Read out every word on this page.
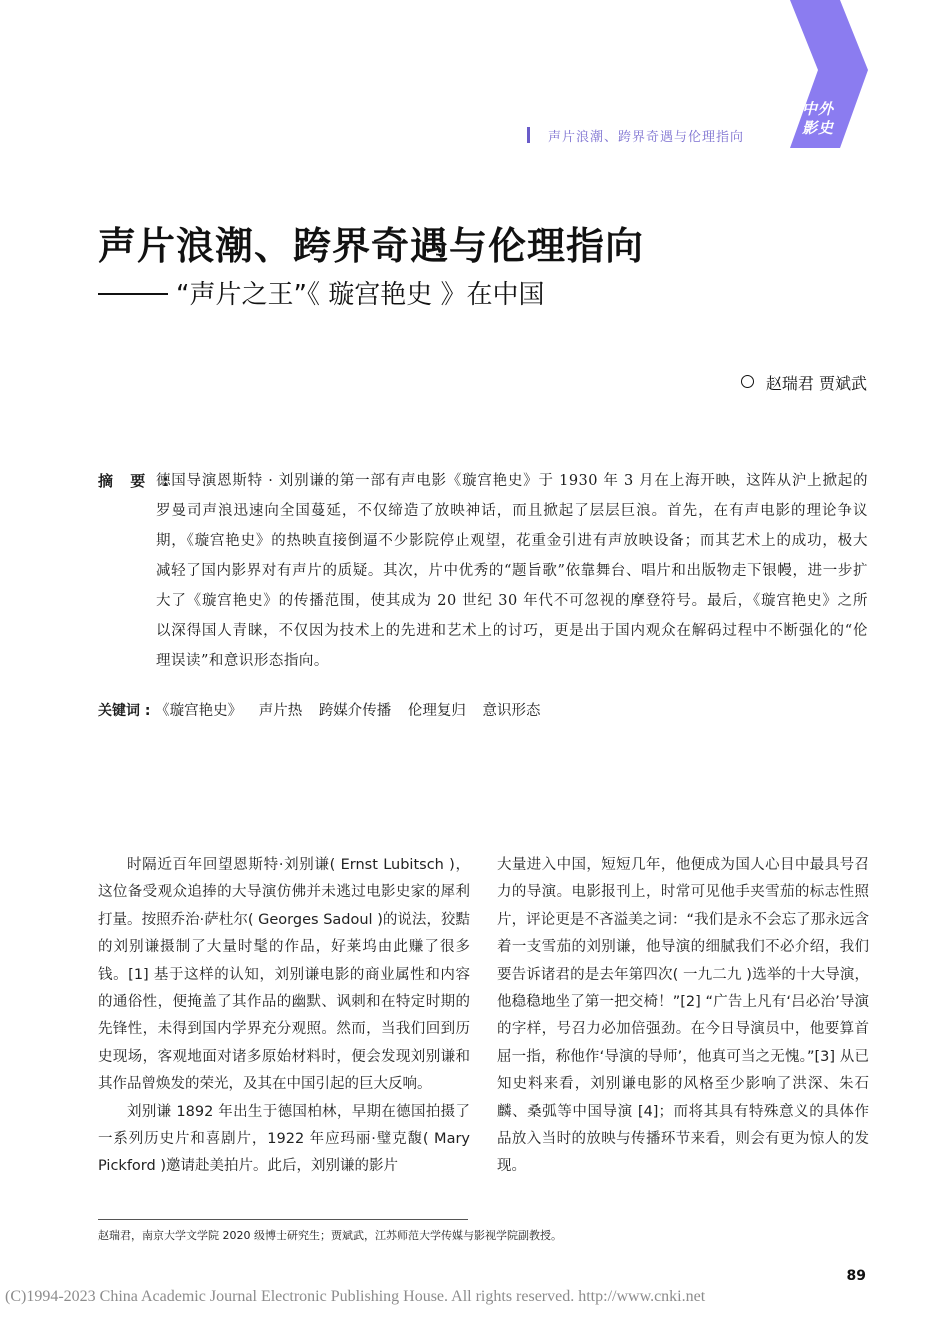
中外
影史
声片浪潮、跨界奇遇与伦理指向
声片浪潮、跨界奇遇与伦理指向
“声片之王”《 璇宫艳史 》在中国
赵瑞君 贾斌武
摘 要 :
德国导演恩斯特 · 刘别谦的第一部有声电影《璇宫艳史》于 1930 年 3 月在上海开映，这阵从沪上掀起的罗曼司声浪迅速向全国蔓延，不仅缔造了放映神话，而且掀起了层层巨浪。首先，在有声电影的理论争议期，《璇宫艳史》的热映直接倒逼不少影院停止观望，花重金引进有声放映设备；而其艺术上的成功，极大减轻了国内影界对有声片的质疑。其次，片中优秀的“题旨歌”依靠舞台、唱片和出版物走下银幔，进一步扩大了《璇宫艳史》的传播范围，使其成为 20 世纪 30 年代不可忽视的摩登符号。最后，《璇宫艳史》之所以深得国人青睐，不仅因为技术上的先进和艺术上的讨巧，更是出于国内观众在解码过程中不断强化的“伦理误读”和意识形态指向。
关键词 : 《璇宫艳史》 声片热 跨媒介传播 伦理复归 意识形态

时隔近百年回望恩斯特·刘别谦( Ernst Lubitsch )，这位备受观众追捧的大导演仿佛并未逃过电影史家的犀利打量。按照乔治·萨杜尔( Georges Sadoul )的说法，狡黠的刘别谦摄制了大量时髦的作品，好莱坞由此赚了很多钱。[1] 基于这样的认知，刘别谦电影的商业属性和内容的通俗性，便掩盖了其作品的幽默、讽刺和在特定时期的先锋性，未得到国内学界充分观照。然而，当我们回到历史现场，客观地面对诸多原始材料时，便会发现刘别谦和其作品曾焕发的荣光，及其在中国引起的巨大反响。

刘别谦 1892 年出生于德国柏林，早期在德国拍摄了一系列历史片和喜剧片，1922 年应玛丽·璧克馥( Mary Pickford )邀请赴美拍片。此后，刘别谦的影片

大量进入中国，短短几年，他便成为国人心目中最具号召力的导演。电影报刊上，时常可见他手夹雪茄的标志性照片，评论更是不吝溢美之词：“我们是永不会忘了那永远含着一支雪茄的刘别谦，他导演的细腻我们不必介绍，我们要告诉诸君的是去年第四次( 一九二九 )选举的十大导演，他稳稳地坐了第一把交椅！”[2] “广告上凡有‘吕必治’导演的字样，号召力必加倍强劲。在今日导演员中，他要算首屈一指，称他作‘导演的导师’，他真可当之无愧。”[3] 从已知史料来看，刘别谦电影的风格至少影响了洪深、朱石麟、桑弧等中国导演 [4]；而将其具有特殊意义的具体作品放入当时的放映与传播环节来看，则会有更为惊人的发现。

赵瑞君，南京大学文学院 2020 级博士研究生；贾斌武，江苏师范大学传媒与影视学院副教授。
89
(C)1994-2023 China Academic Journal Electronic Publishing House. All rights reserved. http://www.cnki.net
